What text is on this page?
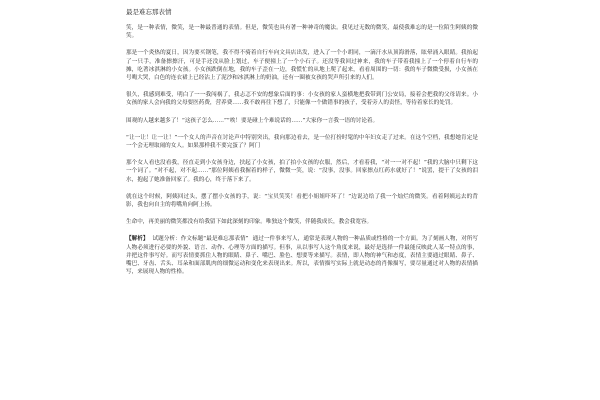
最是难忘那表情

笑，是一种表情，微笑，是一种最普通的表情。但是，微笑也具有著一种神奇的魔法。我见过无数的微笑，最使我难忘的是一位陌生阿姨的微笑。

那是一个炎热的夏日，因为要买钢笔，我不得不骑着自行车向文具店出发，进入了一个小胡同，一滴汗水从顶海滑落，眩晕涌入眼睛。我抬起了一只手，准备擦擦汗，可是手还没从脸上划过，车子便撞上了一个小石子。还没等我回过神来，我的车子带着我撞上了一个停着自行车的摊，吃著冰淇淋的小女孩。小女孩跌倒在地，我的车子歪在一边，我慌忙的从地上爬了起来，看看周围的一切：我的车子微微受损，小女孩在号啕大哭，白色的连衣裙上已经沾上了泥沙和冰淇淋上的奶油，还有一圈被女孩的哭声所引来的人们。

很久，我感到难受，明白了一一我闯祸了，我忐忑不安的想象后面的事：小女孩的家人蛮横地把我带到门公安局，接着会把我的父母请来。小女孩的家人会向我的父母要医药费，营养费……我不敢再往下想了，只能像一个做错事的孩子，受着旁人的责怪，等待着家长的处罚。

围观的人越来越多了！“这孩子怎么……”“唉！要是碰上个难说话的……”大家你一言我一语的讨论着。

“让一让！让一让！”一个女人的声音在讨论声中特别突出，我向那边看去，是一位打扮时髦的中年妇女走了过来。在这个空档，我想她肯定是一个会无理取闹的女人。如果那样我不要完蛋了？阿门

那个女人看也没看我，径直走到小女孩身边，扶起了小女孩，拍了拍小女孩的衣服，然后，才看着我，“对一一对不起！”我的大脑中只剩下这一个词了。“对不起，对不起……”那位阿姨看我握着的样子，微微一笑，说：“没事，没事。回家擦点红药水就好了！”说罢，提干了女孩的泪水，抱起了她准备回家了。我的心，终于落下来了。

就在这个时候，阿姨回过头，摆了摆小女孩的手，说：“宝贝笑笑！看把小姐姐吓坏了！”边说边给了我一个灿烂的微笑。看着阿姨远去的背影，我也向自主的将嘴角向阿上扬。

生命中，再美丽的微笑都没有给我留下如此深刻的印象。唯独这个微笑，伴随我成长，教会我宽容。

【解析】 试题分析：作文标题“最是难忘那表情” 通过一件事来写人，通常是表现人物的一种品质或性格的一个方面。为了刻画人物，对所写人物必须进行必要的外貌、语言、动作、心理等方面的描写。但事，从以事写人这个角度来说，最好是选择一件最能反映此人某一特点的事，并把这件事写好。而写表情要抓住人物的眼睛、鼻子、嘴巴、脸色、想要等来描写。表情，即人物的神气和态度，表情主要通过眼睛、鼻子、嘴巴、牙齿、舌头、耳朵和面部肌肉的细微运动和变化来表现出来。所以，表情描写实际上就是动态的肖像描写，要尽量通过对人物的表情描写，来展现人物的性格。
